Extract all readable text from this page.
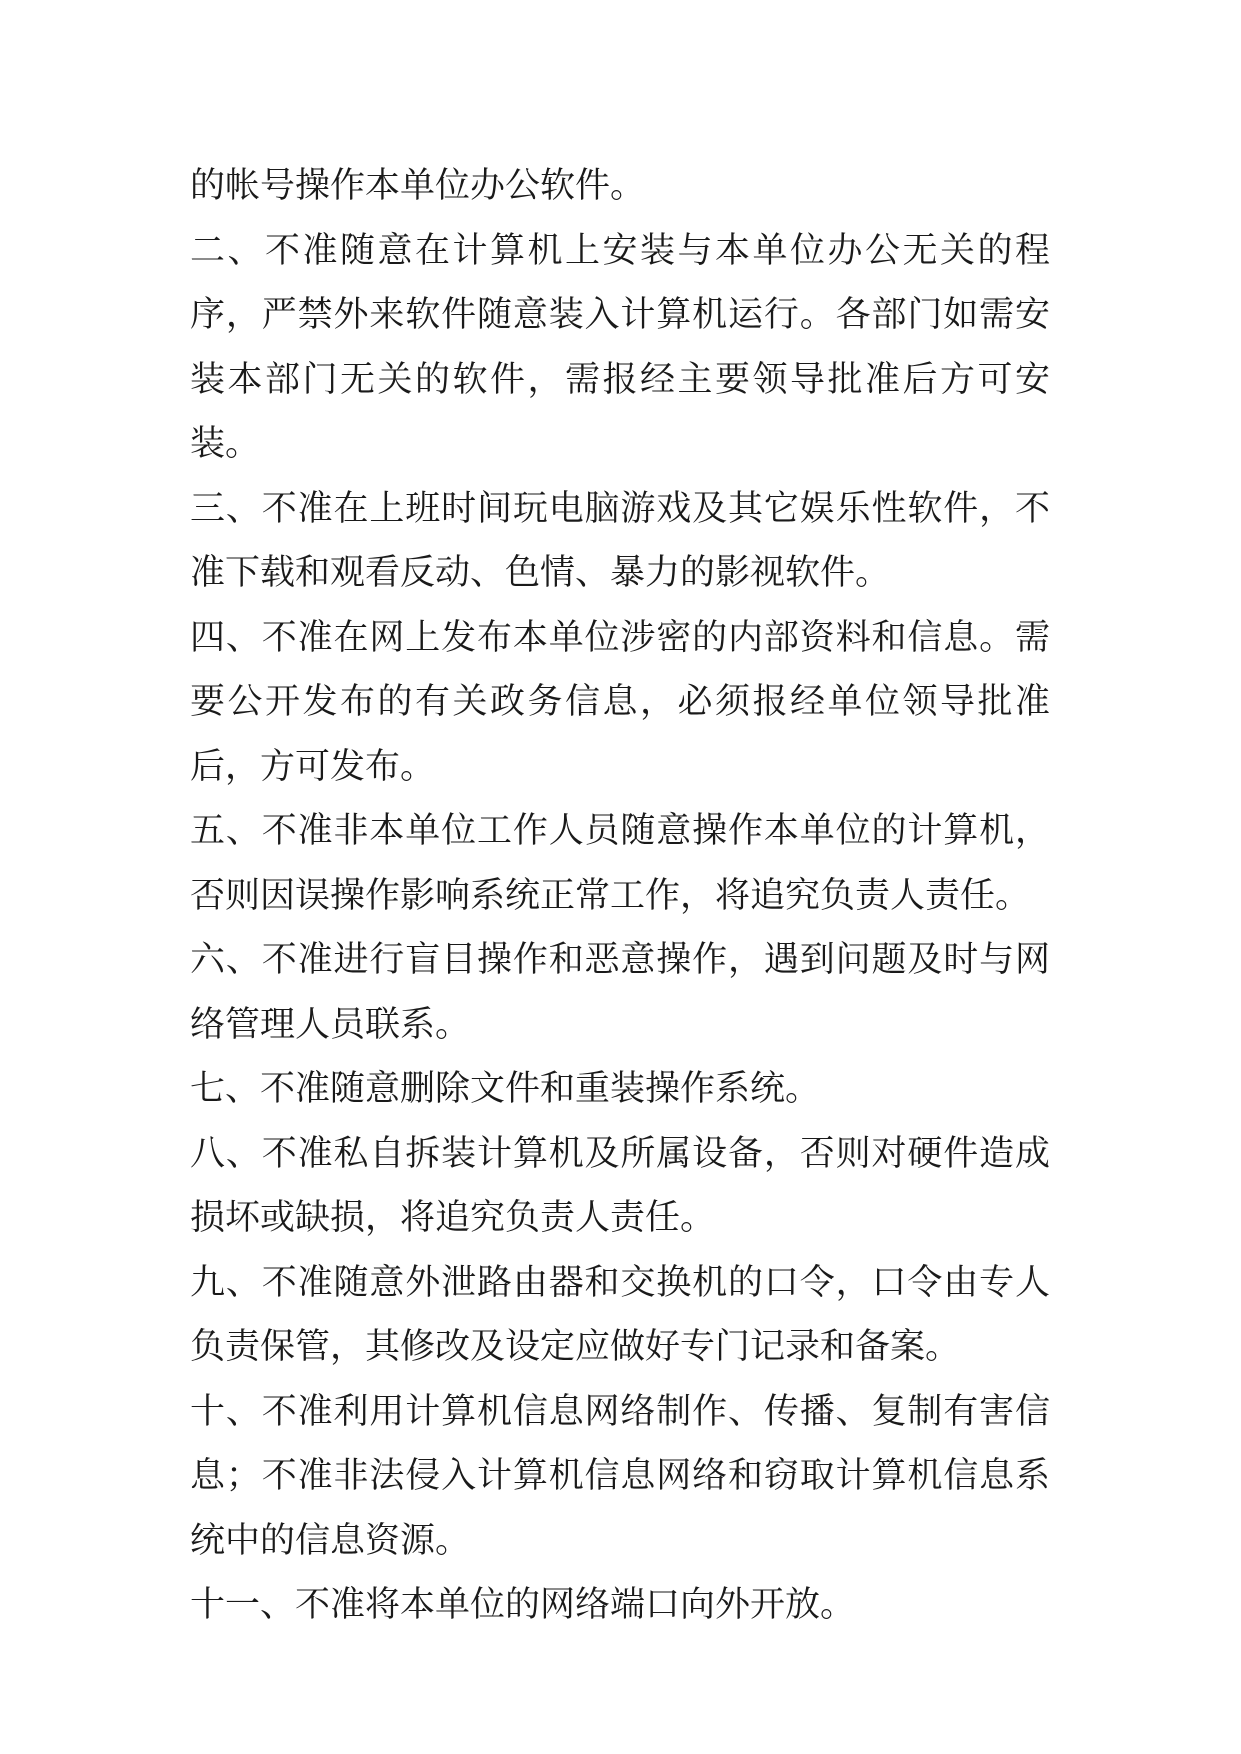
的帐号操作本单位办公软件。

二、不准随意在计算机上安装与本单位办公无关的程序，严禁外来软件随意装入计算机运行。各部门如需安装本部门无关的软件，需报经主要领导批准后方可安装。

三、不准在上班时间玩电脑游戏及其它娱乐性软件，不准下载和观看反动、色情、暴力的影视软件。

四、不准在网上发布本单位涉密的内部资料和信息。需要公开发布的有关政务信息，必须报经单位领导批准后，方可发布。

五、不准非本单位工作人员随意操作本单位的计算机，否则因误操作影响系统正常工作，将追究负责人责任。

六、不准进行盲目操作和恶意操作，遇到问题及时与网络管理人员联系。

七、不准随意删除文件和重装操作系统。

八、不准私自拆装计算机及所属设备，否则对硬件造成损坏或缺损，将追究负责人责任。

九、不准随意外泄路由器和交换机的口令，口令由专人负责保管，其修改及设定应做好专门记录和备案。

十、不准利用计算机信息网络制作、传播、复制有害信息；不准非法侵入计算机信息网络和窃取计算机信息系统中的信息资源。

十一、不准将本单位的网络端口向外开放。
